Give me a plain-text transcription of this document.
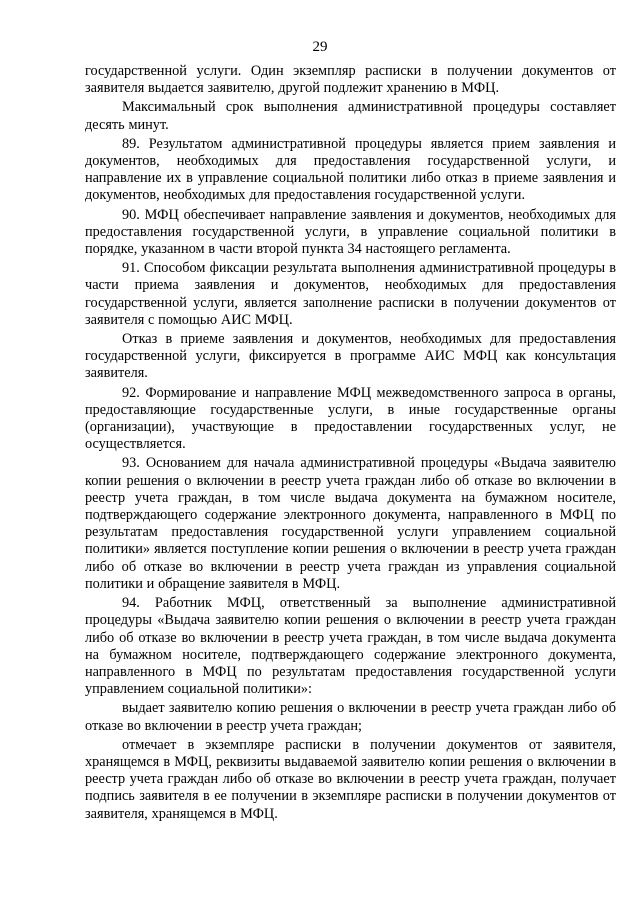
29

государственной услуги. Один экземпляр расписки в получении документов от заявителя выдается заявителю, другой подлежит хранению в МФЦ.

Максимальный срок выполнения административной процедуры составляет десять минут.

89. Результатом административной процедуры является прием заявления и документов, необходимых для предоставления государственной услуги, и направление их в управление социальной политики либо отказ в приеме заявления и документов, необходимых для предоставления государственной услуги.

90. МФЦ обеспечивает направление заявления и документов, необходимых для предоставления государственной услуги, в управление социальной политики в порядке, указанном в части второй пункта 34 настоящего регламента.

91. Способом фиксации результата выполнения административной процедуры в части приема заявления и документов, необходимых для предоставления государственной услуги, является заполнение расписки в получении документов от заявителя с помощью АИС МФЦ.

Отказ в приеме заявления и документов, необходимых для предоставления государственной услуги, фиксируется в программе АИС МФЦ как консультация заявителя.

92. Формирование и направление МФЦ межведомственного запроса в органы, предоставляющие государственные услуги, в иные государственные органы (организации), участвующие в предоставлении государственных услуг, не осуществляется.

93. Основанием для начала административной процедуры «Выдача заявителю копии решения о включении в реестр учета граждан либо об отказе во включении в реестр учета граждан, в том числе выдача документа на бумажном носителе, подтверждающего содержание электронного документа, направленного в МФЦ по результатам предоставления государственной услуги управлением социальной политики» является поступление копии решения о включении в реестр учета граждан либо об отказе во включении в реестр учета граждан из управления социальной политики и обращение заявителя в МФЦ.

94. Работник МФЦ, ответственный за выполнение административной процедуры «Выдача заявителю копии решения о включении в реестр учета граждан либо об отказе во включении в реестр учета граждан, в том числе выдача документа на бумажном носителе, подтверждающего содержание электронного документа, направленного в МФЦ по результатам предоставления государственной услуги управлением социальной политики»:

выдает заявителю копию решения о включении в реестр учета граждан либо об отказе во включении в реестр учета граждан;

отмечает в экземпляре расписки в получении документов от заявителя, хранящемся в МФЦ, реквизиты выдаваемой заявителю копии решения о включении в реестр учета граждан либо об отказе во включении в реестр учета граждан, получает подпись заявителя в ее получении в экземпляре расписки в получении документов от заявителя, хранящемся в МФЦ.
